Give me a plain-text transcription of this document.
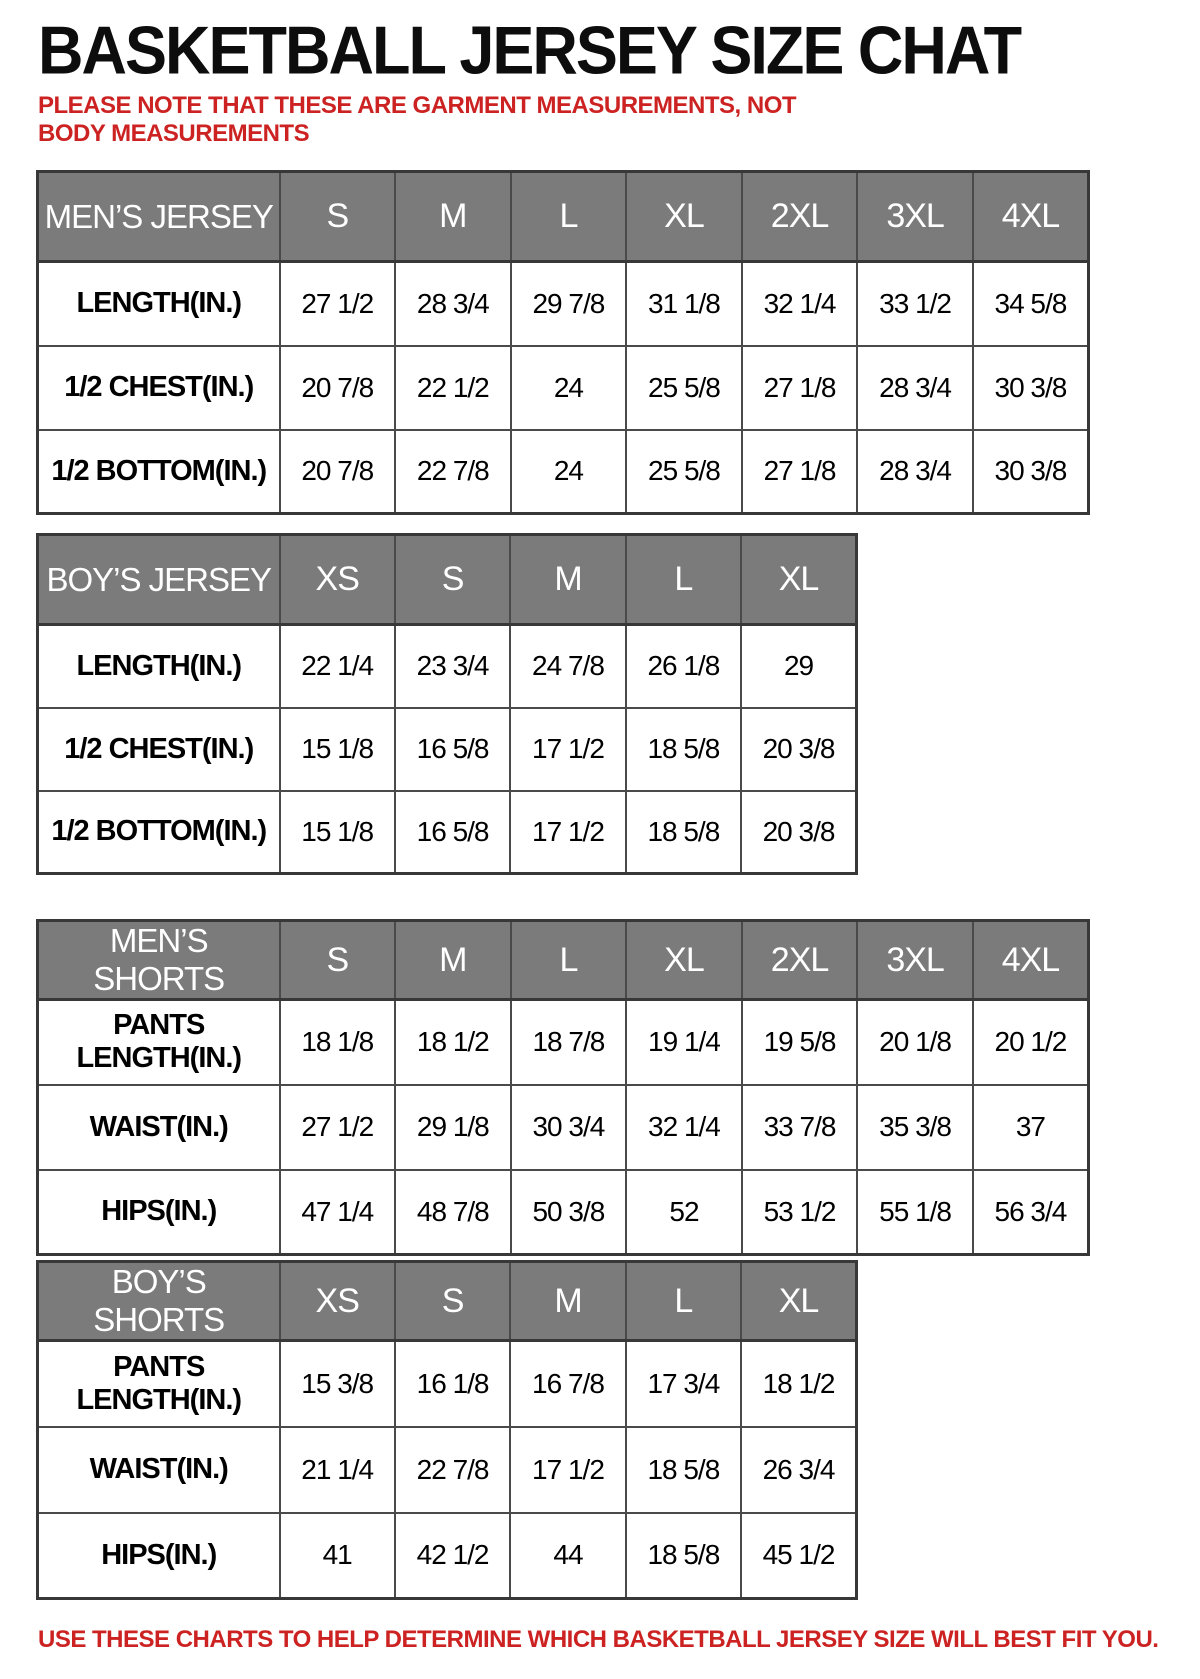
BASKETBALL JERSEY SIZE CHAT

PLEASE NOTE THAT THESE ARE GARMENT MEASUREMENTS, NOT BODY MEASUREMENTS

MEN’S JERSEY	S	M	L	XL	2XL	3XL	4XL
LENGTH(IN.)	27 1/2	28 3/4	29 7/8	31 1/8	32 1/4	33 1/2	34 5/8
1/2 CHEST(IN.)	20 7/8	22 1/2	24	25 5/8	27 1/8	28 3/4	30 3/8
1/2 BOTTOM(IN.)	20 7/8	22 7/8	24	25 5/8	27 1/8	28 3/4	30 3/8
BOY’S JERSEY	XS	S	M	L	XL
LENGTH(IN.)	22 1/4	23 3/4	24 7/8	26 1/8	29
1/2 CHEST(IN.)	15 1/8	16 5/8	17 1/2	18 5/8	20 3/8
1/2 BOTTOM(IN.)	15 1/8	16 5/8	17 1/2	18 5/8	20 3/8
MEN’S SHORTS	S	M	L	XL	2XL	3XL	4XL
PANTS LENGTH(IN.)	18 1/8	18 1/2	18 7/8	19 1/4	19 5/8	20 1/8	20 1/2
WAIST(IN.)	27 1/2	29 1/8	30 3/4	32 1/4	33 7/8	35 3/8	37
HIPS(IN.)	47 1/4	48 7/8	50 3/8	52	53 1/2	55 1/8	56 3/4
BOY’S SHORTS	XS	S	M	L	XL
PANTS LENGTH(IN.)	15 3/8	16 1/8	16 7/8	17 3/4	18 1/2
WAIST(IN.)	21 1/4	22 7/8	17 1/2	18 5/8	26 3/4
HIPS(IN.)	41	42 1/2	44	18 5/8	45 1/2

USE THESE CHARTS TO HELP DETERMINE WHICH BASKETBALL JERSEY SIZE WILL BEST FIT YOU.
